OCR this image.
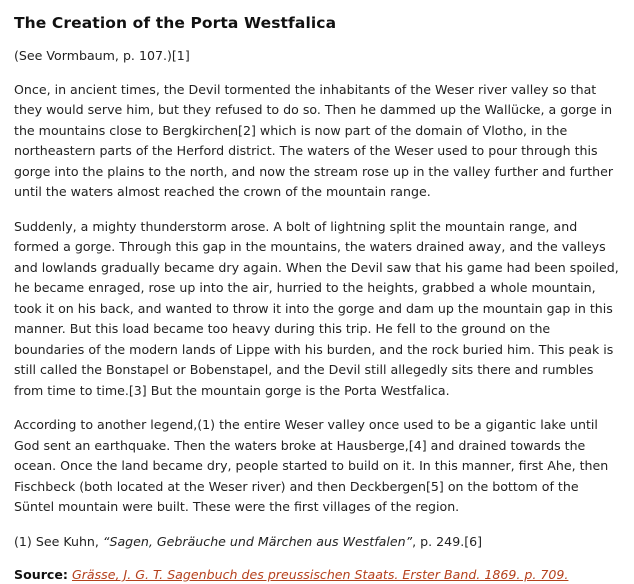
The Creation of the Porta Westfalica

(See Vormbaum, p. 107.)[1]

Once, in ancient times, the Devil tormented the inhabitants of the Weser river valley so that they would serve him, but they refused to do so. Then he dammed up the Wallücke, a gorge in the mountains close to Bergkirchen[2] which is now part of the domain of Vlotho, in the northeastern parts of the Herford district. The waters of the Weser used to pour through this gorge into the plains to the north, and now the stream rose up in the valley further and further until the waters almost reached the crown of the mountain range.

Suddenly, a mighty thunderstorm arose. A bolt of lightning split the mountain range, and formed a gorge. Through this gap in the mountains, the waters drained away, and the valleys and lowlands gradually became dry again. When the Devil saw that his game had been spoiled, he became enraged, rose up into the air, hurried to the heights, grabbed a whole mountain, took it on his back, and wanted to throw it into the gorge and dam up the mountain gap in this manner. But this load became too heavy during this trip. He fell to the ground on the boundaries of the modern lands of Lippe with his burden, and the rock buried him. This peak is still called the Bonstapel or Bobenstapel, and the Devil still allegedly sits there and rumbles from time to time.[3] But the mountain gorge is the Porta Westfalica.

According to another legend,(1) the entire Weser valley once used to be a gigantic lake until God sent an earthquake. Then the waters broke at Hausberge,[4] and drained towards the ocean. Once the land became dry, people started to build on it. In this manner, first Ahe, then Fischbeck (both located at the Weser river) and then Deckbergen[5] on the bottom of the Süntel mountain were built. These were the first villages of the region.

(1) See Kuhn, “Sagen, Gebräuche und Märchen aus Westfalen”, p. 249.[6]

Source: Grässe, J. G. T. Sagenbuch des preussischen Staats. Erster Band. 1869. p. 709.
